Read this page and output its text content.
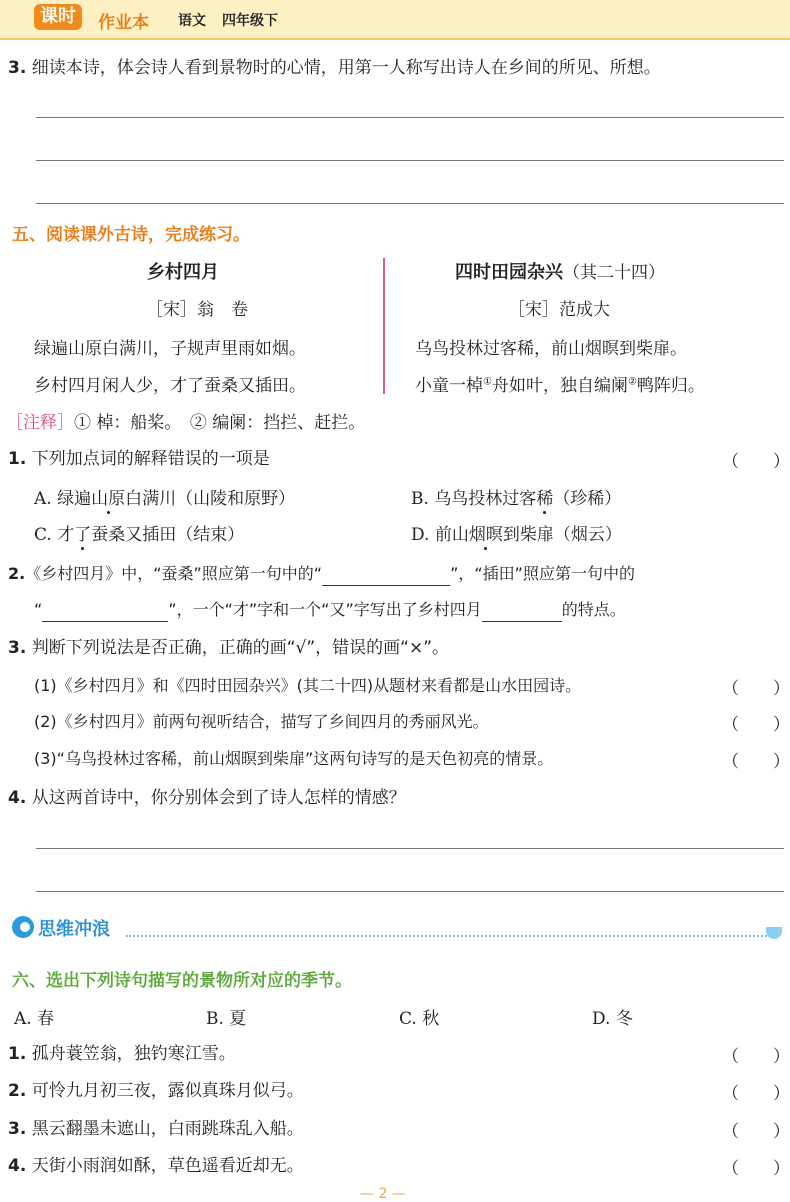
课时	作业本 语文 四年级下
3. 细读本诗，体会诗人看到景物时的心情，用第一人称写出诗人在乡间的所见、所想。
五、阅读课外古诗，完成练习。
乡村四月
［宋］翁　卷
绿遍山原白满川，子规声里雨如烟。
乡村四月闲人少，才了蚕桑又插田。
四时田园杂兴（其二十四）
［宋］范成大
乌鸟投林过客稀，前山烟暝到柴扉。
小童一棹①舟如叶，独自编阑②鸭阵归。
［注释］① 棹：船桨。　② 编阑：挡拦、赶拦。
1. 下列加点词的解释错误的一项是	（　　）
A. 绿遍山原白满川（山陵和原野）	B. 乌鸟投林过客稀（珍稀）
C. 才了蚕桑又插田（结束）	D. 前山烟暝到柴扉（烟云）
2.《乡村四月》中，“蚕桑”照应第一句中的“	”，“插田”照应第一句中的
“	”，一个“才”字和一个“又”字写出了乡村四月	的特点。
3. 判断下列说法是否正确，正确的画“√”，错误的画“×”。
(1)《乡村四月》和《四时田园杂兴》(其二十四)从题材来看都是山水田园诗。	（　　）
(2)《乡村四月》前两句视听结合，描写了乡间四月的秀丽风光。	（　　）
(3)“乌鸟投林过客稀，前山烟暝到柴扉”这两句诗写的是天色初亮的情景。	（　　）
4. 从这两首诗中，你分别体会到了诗人怎样的情感？
思维冲浪
六、选出下列诗句描写的景物所对应的季节。
A. 春	B. 夏	C. 秋	D. 冬
1. 孤舟蓑笠翁，独钓寒江雪。	（　　）
2. 可怜九月初三夜，露似真珠月似弓。	（　　）
3. 黑云翻墨未遮山，白雨跳珠乱入船。	（　　）
4. 天街小雨润如酥，草色遥看近却无。	（　　）
— 2 —
